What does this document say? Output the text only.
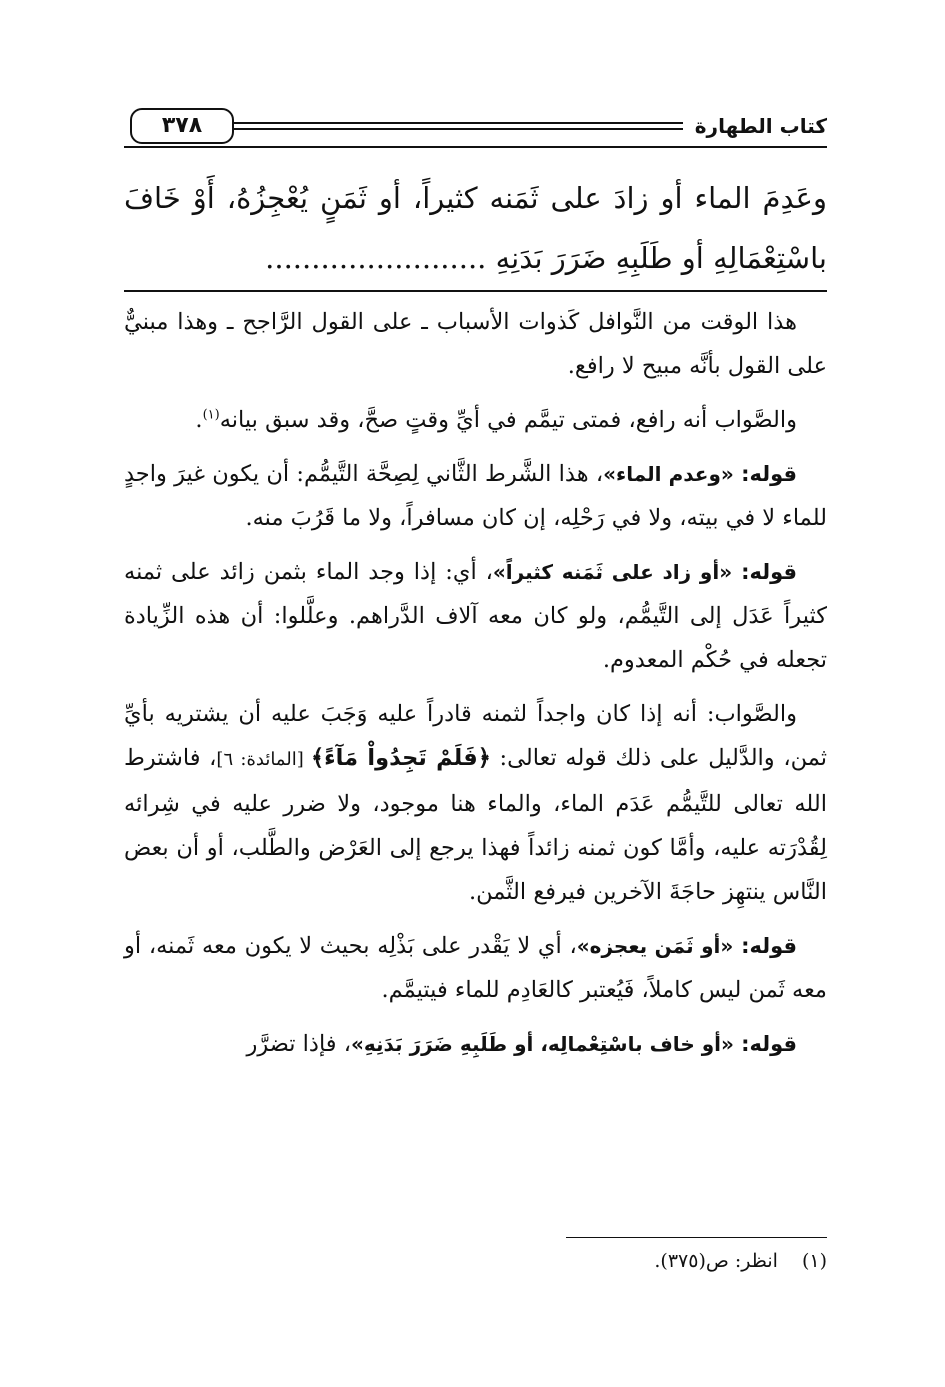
٣٧٨	كتاب الطهارة
وعَدِمَ الماء أو زادَ على ثَمَنه كثيراً، أو ثَمَنٍ يُعْجِزُهُ، أَوْ خَافَ باسْتِعْمَالِهِ أو طَلَبِهِ ضَرَرَ بَدَنِهِ ........................

هذا الوقت من النَّوافل كَذوات الأسباب ـ على القول الرَّاجح ـ وهذا مبنيٌّ على القول بأنَّه مبيح لا رافع.

والصَّواب أنه رافع، فمتى تيمَّم في أيِّ وقتٍ صحَّ، وقد سبق بيانه$^{(١)}$.

قوله: «وعدم الماء»، هذا الشَّرط الثَّاني لِصِحَّة التَّيمُّم: أن يكون غيرَ واجدٍ للماء لا في بيته، ولا في رَحْلِه، إن كان مسافراً، ولا ما قَرُبَ منه.

قوله: «أو زاد على ثَمَنه كثيراً»، أي: إذا وجد الماء بثمن زائد على ثمنه كثيراً عَدَل إلى التَّيمُّم، ولو كان معه آلاف الدَّراهم. وعلَّلوا: أن هذه الزِّيادة تجعله في حُكْم المعدوم.

والصَّواب: أنه إذا كان واجداً لثمنه قادراً عليه وَجَبَ عليه أن يشتريه بأيِّ ثمن، والدَّليل على ذلك قوله تعالى: ﴿فَلَمْ تَجِدُواْ مَآءً﴾ [المائدة: ٦]، فاشترط الله تعالى للتَّيمُّم عَدَم الماء، والماء هنا موجود، ولا ضرر عليه في شِرائه لِقُدْرَته عليه، وأمَّا كون ثمنه زائداً فهذا يرجع إلى العَرْض والطَّلب، أو أن بعض النَّاس ينتهِز حاجَةَ الآخرين فيرفع الثَّمن.

قوله: «أو ثَمَن يعجزه»، أي لا يَقْدر على بَذْلِه بحيث لا يكون معه ثَمنه، أو معه ثَمن ليس كاملاً، فَيُعتبر كالعَادِم للماء فيتيمَّم.

قوله: «أو خاف باسْتِعْمالِه، أو طَلَبِهِ ضَرَرَ بَدَنِهِ»، فإذا تضرَّر

(١)انظر: ص(٣٧٥).
